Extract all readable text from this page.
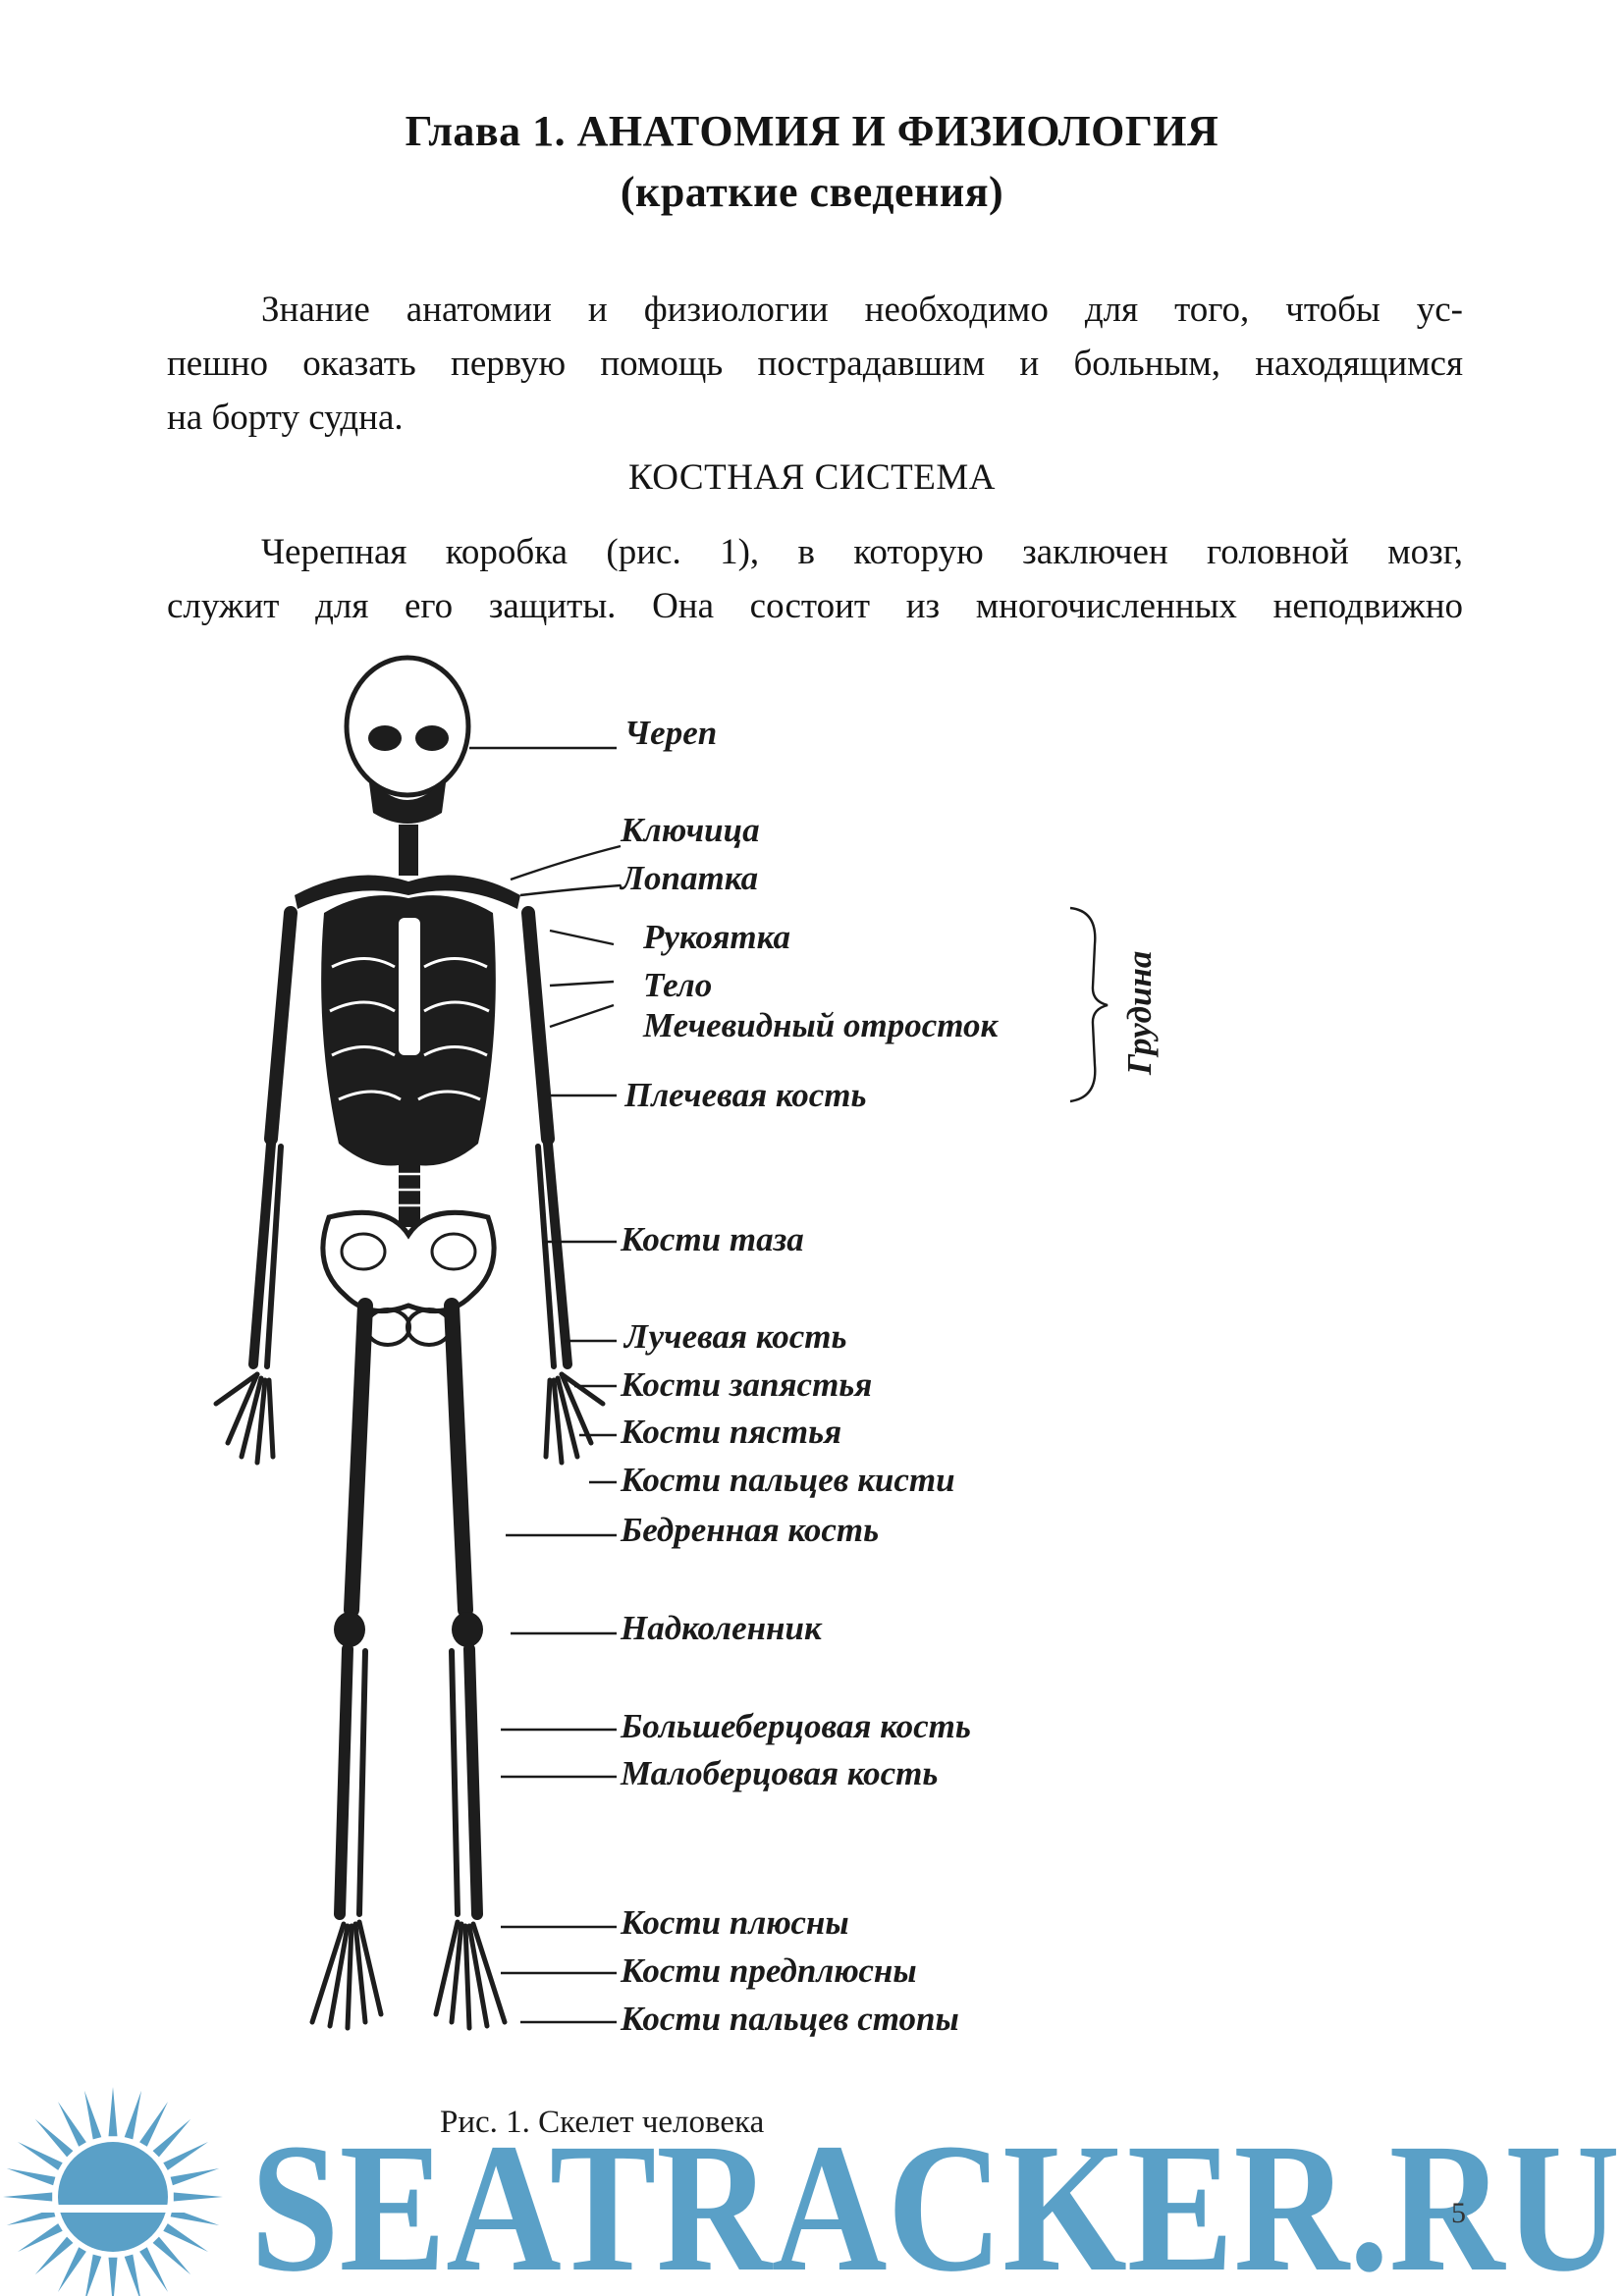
Глава 1. АНАТОМИЯ И ФИЗИОЛОГИЯ
(краткие сведения)
Знание анатомии и физиологии необходимо для того, чтобы ус-
пешно оказать первую помощь пострадавшим и больным, находящимся
на борту судна.
КОСТНАЯ СИСТЕМА
Черепная коробка (рис. 1), в которую заключен головной мозг,
служит для его защиты. Она состоит из многочисленных неподвижно
Череп
Ключица
Лопатка
Рукоятка
Тело
Мечевидный отросток	Грудина
Плечевая кость
Кости таза
Лучевая кость
Кости запястья
Кости пястья
Кости пальцев кисти
Бедренная кость
Надколенник
Большеберцовая кость
Малоберцовая кость
Кости плюсны
Кости предплюсны
Кости пальцев стопы
Рис. 1. Скелет человека
SEATRACKER.RU
5
